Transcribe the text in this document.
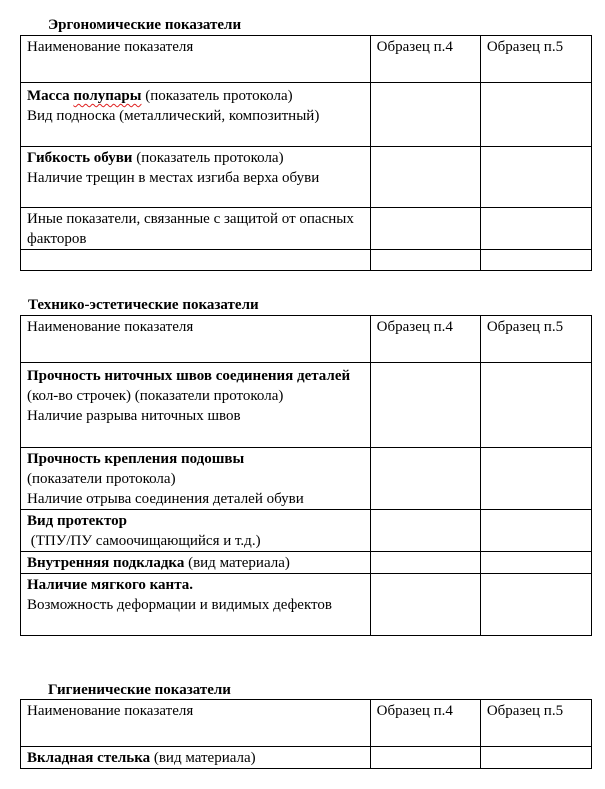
Эргономические показатели
Наименование показателя	Образец п.4	Образец п.5
Масса полупары (показатель протокола)
Вид подноска (металлический, композитный)		

Гибкость обуви (показатель протокола)
Наличие трещин в местах изгиба верха обуви		

Иные показатели, связанные с защитой от опасных факторов		

Технико-эстетические показатели
Наименование показателя	Образец п.4	Образец п.5
Прочность ниточных швов соединения деталей (кол-во строчек) (показатели протокола)
Наличие разрыва ниточных швов		

Прочность крепления подошвы
(показатели протокола)
Наличие отрыва соединения деталей обуви		

Вид протектор
(ТПУ/ПУ самоочищающийся и т.д.)		

Внутренняя подкладка (вид материала)		

Наличие мягкого канта.
Возможность деформации и видимых дефектов		

Гигиенические показатели
Наименование показателя	Образец п.4	Образец п.5
Вкладная стелька (вид материала)		
